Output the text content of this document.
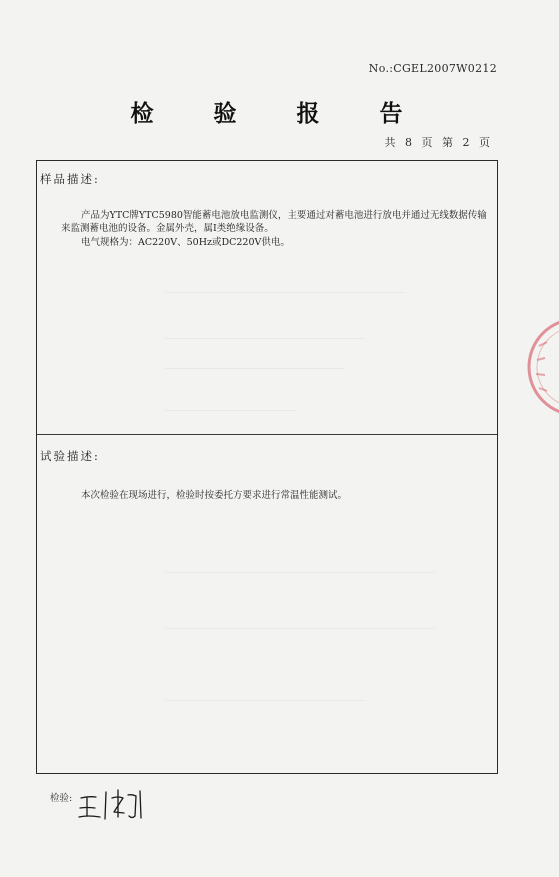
No.:CGEL2007W0212
检 验 报 告
共 8 页 第 2 页
样品描述:
产品为YTC牌YTC5980智能蓄电池放电监测仪，主要通过对蓄电池进行放电并通过无线数据传输来监测蓄电池的设备。金属外壳，属I类绝缘设备。
电气规格为：AC220V、50Hz或DC220V供电。
试验描述:
本次检验在现场进行，检验时按委托方要求进行常温性能测试。
检验:
